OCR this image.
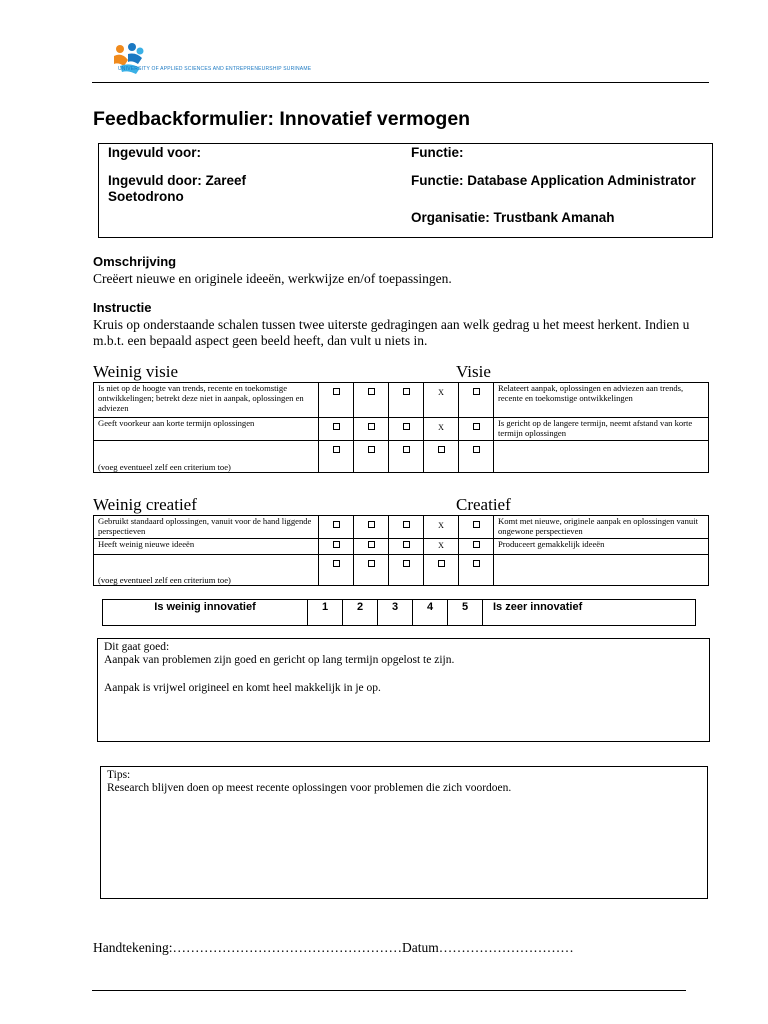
UNIVERSITY OF APPLIED SCIENCES AND ENTREPRENEURSHIP SURINAME
Feedbackformulier: Innovatief vermogen
Ingevuld voor:	Functie:
Ingevuld door: Zareef
Soetodrono
Functie: Database Application Administrator
Organisatie: Trustbank Amanah
Omschrijving
Creëert nieuwe en originele ideeën, werkwijze en/of toepassingen.
Instructie
Kruis op onderstaande schalen tussen twee uiterste gedragingen aan welk gedrag u het meest herkent. Indien u
m.b.t. een bepaald aspect geen beeld heeft, dan vult u niets in.
Weinig visie	Visie
Is niet op de hoogte van trends, recente en toekomstige ontwikkelingen; betrekt deze niet in aanpak, oplossingen en adviezen				X		Relateert aanpak, oplossingen en adviezen aan trends, recente en toekomstige ontwikkelingen
Geeft voorkeur aan korte termijn oplossingen				X		Is gericht op de langere termijn, neemt afstand van korte termijn oplossingen
(voeg eventueel zelf een criterium toe)						
Weinig creatief	Creatief
Gebruikt standaard oplossingen, vanuit voor de hand liggende perspectieven				X		Komt met nieuwe, originele aanpak en oplossingen vanuit ongewone perspectieven
Heeft weinig nieuwe ideeën				X		Produceert gemakkelijk ideeën
(voeg eventueel zelf een criterium toe)						
Is weinig innovatief	1	2	3	4	5	Is zeer innovatief
Dit gaat goed:
Aanpak van problemen zijn goed en gericht op lang termijn opgelost te zijn.
Aanpak is vrijwel origineel en komt heel makkelijk in je op.
Tips:
Research blijven doen op meest recente oplossingen voor problemen die zich voordoen.
Handtekening:……………………………………………Datum…………………………
